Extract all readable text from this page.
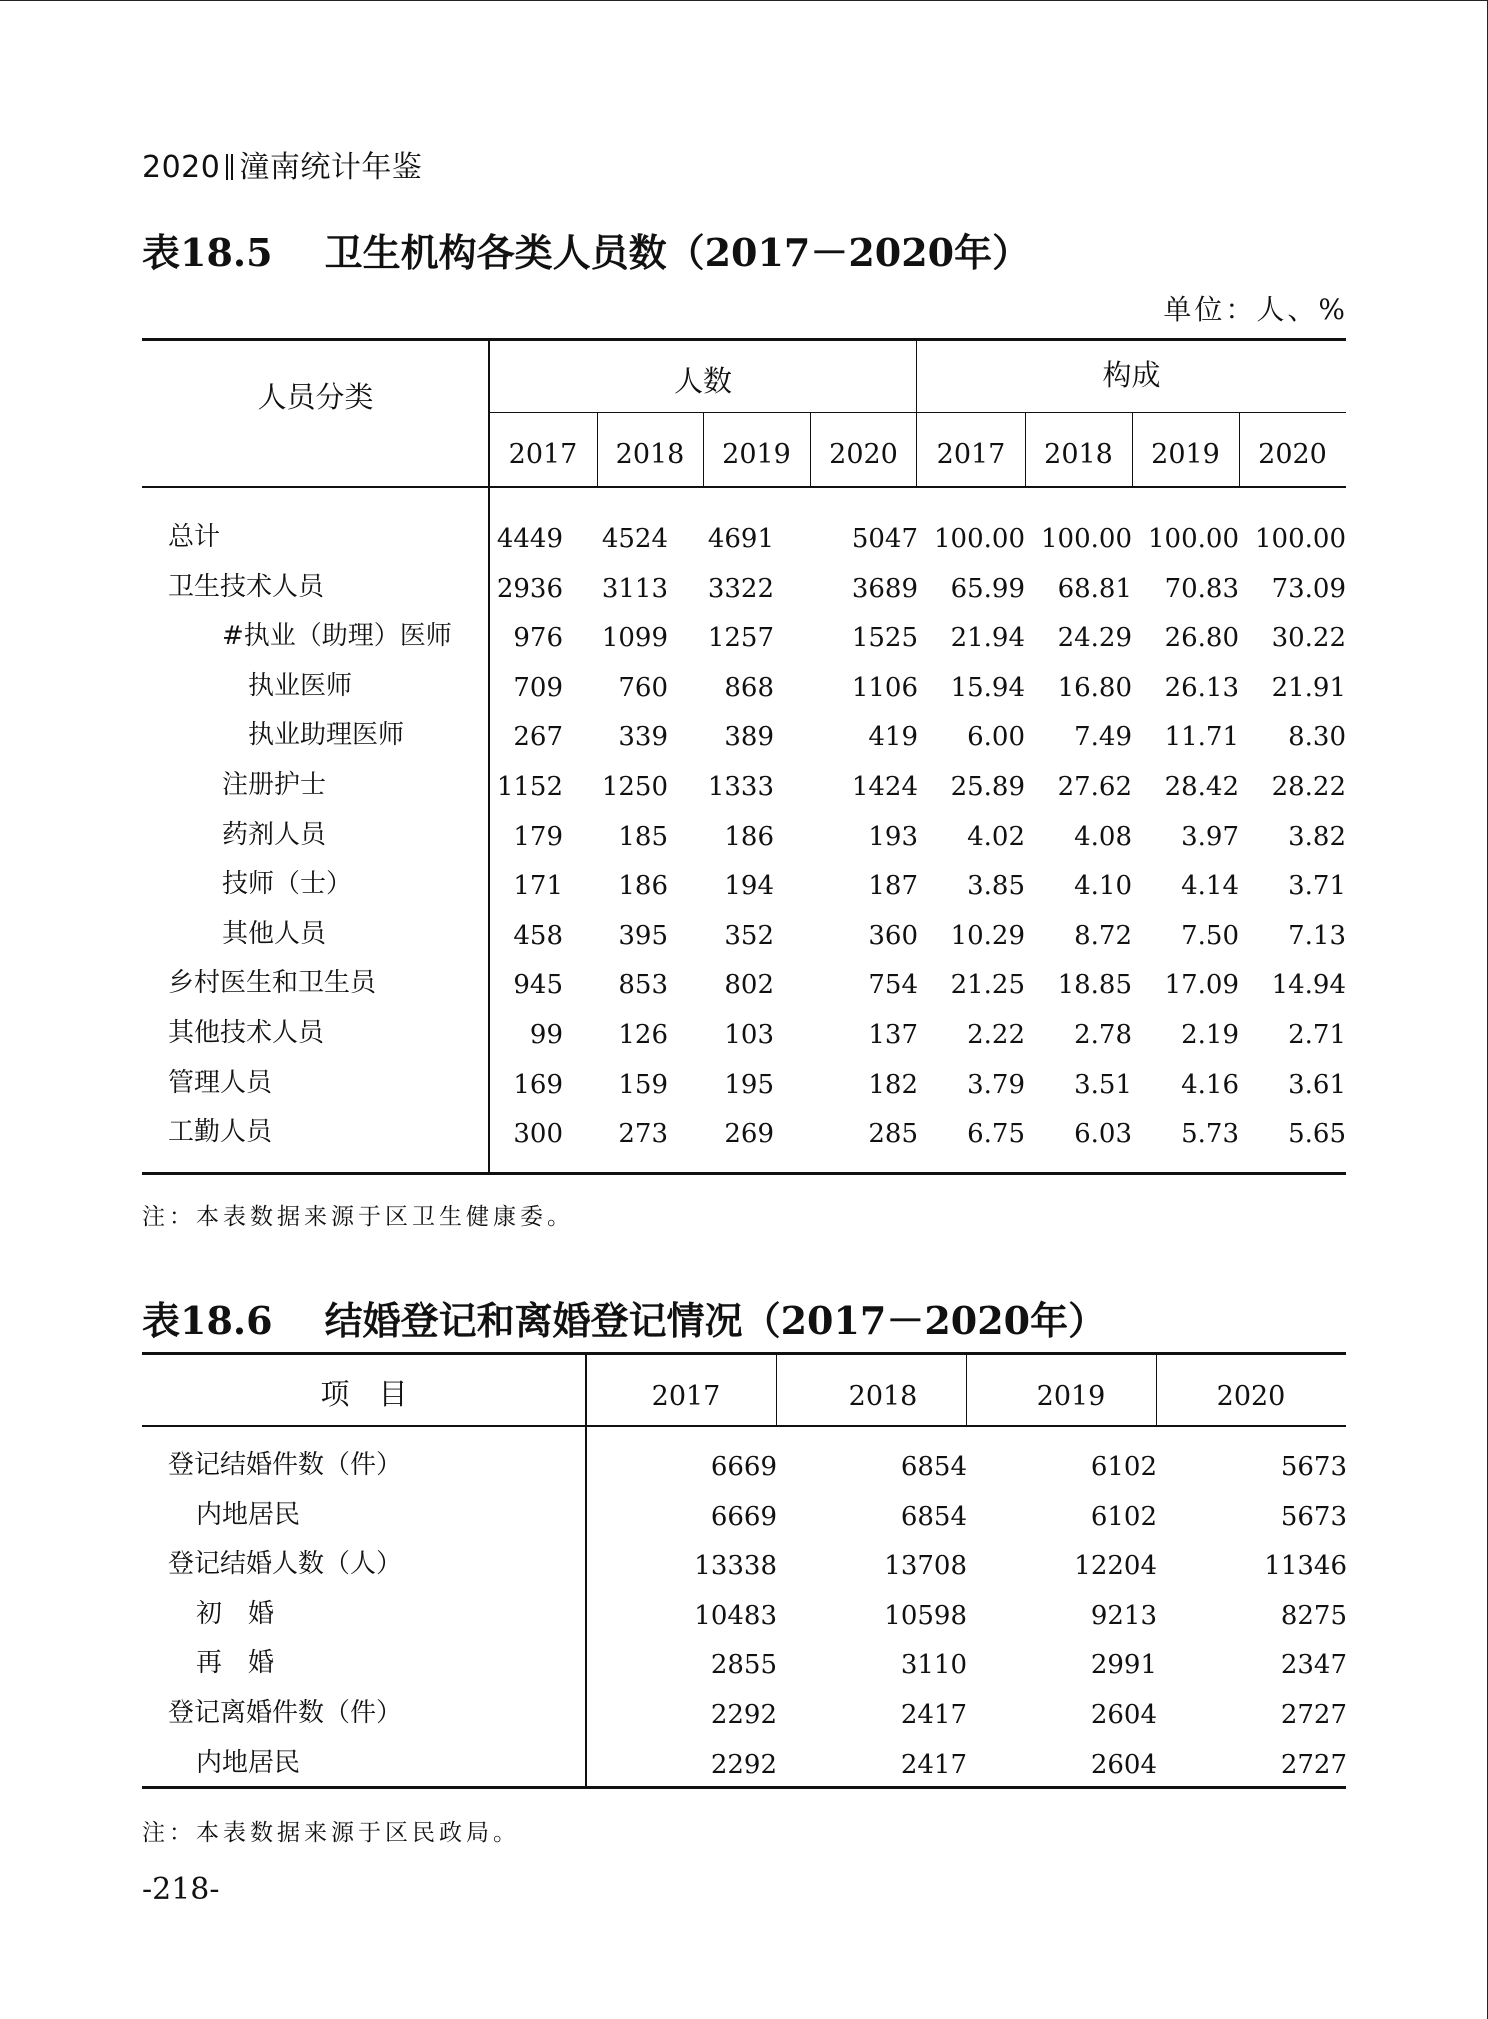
2020 潼南统计年鉴
表18.5 卫生机构各类人员数（2017－2020年）
单位：人、%
人员分类	人数	构成
2017	2018	2019	2020	2017	2018	2019	2020
总计	4449	4524	4691	5047 100.00 100.00 100.00 100.00
卫生技术人员	2936	3113	3322	3689	65.99	68.81	70.83	73.09
#执业（助理）医师	976	1099	1257	1525	21.94	24.29	26.80	30.22
执业医师	709	760	868	1106	15.94	16.80	26.13	21.91
执业助理医师	267	339	389	419	6.00	7.49	11.71	8.30
注册护士	1152	1250	1333	1424	25.89	27.62	28.42	28.22
药剂人员	179	185	186	193	4.02	4.08	3.97	3.82
技师（士）	171	186	194	187	3.85	4.10	4.14	3.71
其他人员	458	395	352	360	10.29	8.72	7.50	7.13
乡村医生和卫生员	945	853	802	754	21.25	18.85	17.09	14.94
其他技术人员	99	126	103	137	2.22	2.78	2.19	2.71
管理人员	169	159	195	182	3.79	3.51	4.16	3.61
工勤人员	300	273	269	285	6.75	6.03	5.73	5.65
注：本表数据来源于区卫生健康委。
表18.6 结婚登记和离婚登记情况（2017－2020年）
项　目	2017	2018	2019	2020
登记结婚件数（件）	6669	6854	6102	5673
内地居民	6669	6854	6102	5673
登记结婚人数（人）	13338	13708	12204	11346
初　婚	10483	10598	9213	8275
再　婚	2855	3110	2991	2347
登记离婚件数（件）	2292	2417	2604	2727
内地居民	2292	2417	2604	2727
注：本表数据来源于区民政局。
-218-
